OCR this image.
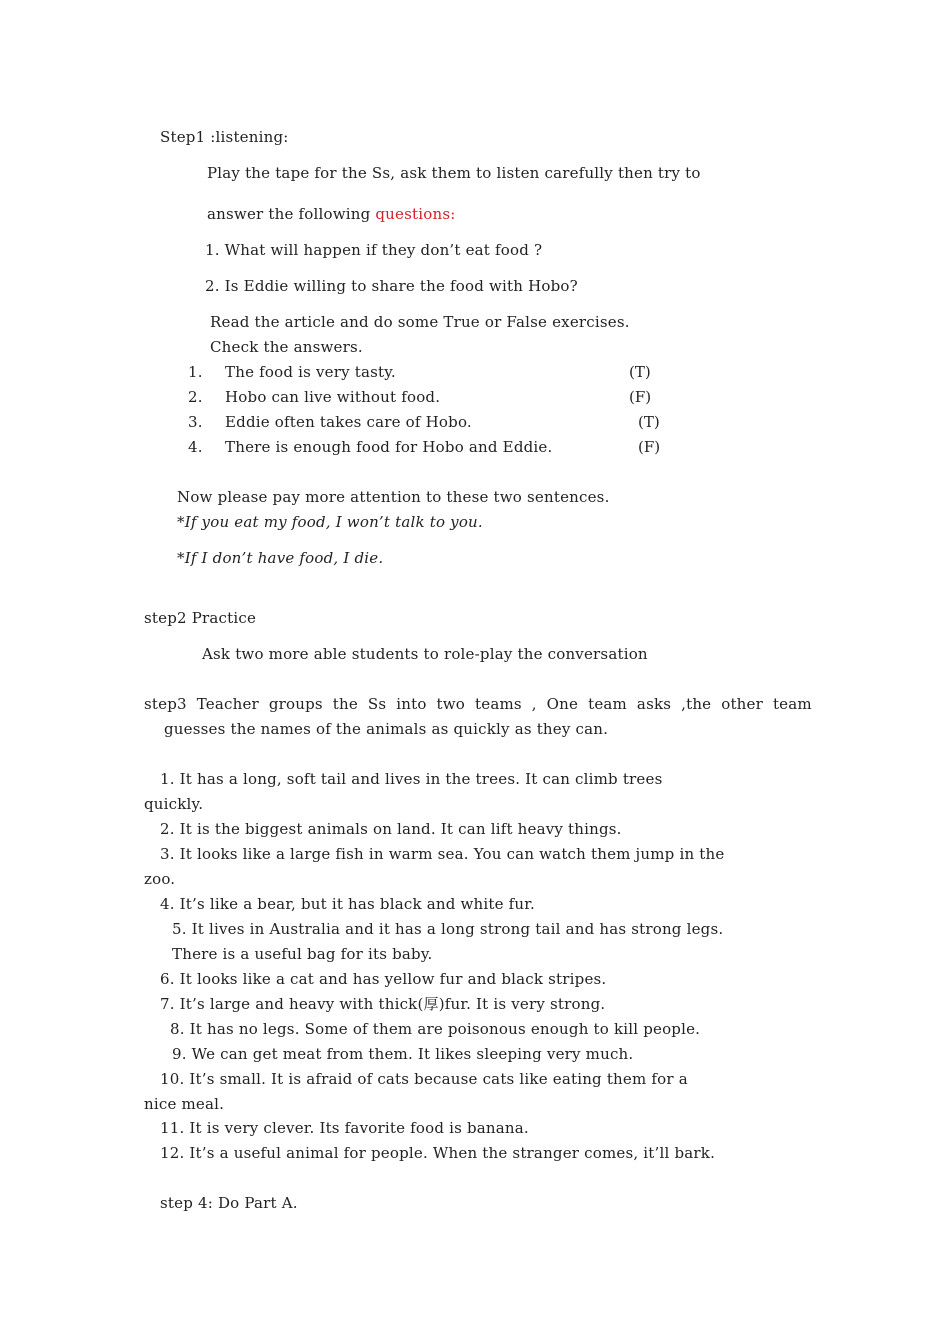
Step1 :listening:
Play the tape for the Ss, ask them to listen carefully then try to
answer the following questions:
1. What will happen if they don’t eat food ?
2. Is Eddie willing to share the food with Hobo?
Read the article and do some True or False exercises.
Check the answers.
1. The food is very tasty.	(T)
2. Hobo can live without food.	(F)
3. Eddie often takes care of Hobo.	(T)
4. There is enough food for Hobo and Eddie.	(F)
Now please pay more attention to these two sentences.
*If you eat my food, I won’t talk to you.
*If I don’t have food, I die.
step2 Practice
Ask two more able students to role-play the conversation
step3 Teacher groups the Ss into two teams , One team asks ,the other team
guesses the names of the animals as quickly as they can.
1. It has a long, soft tail and lives in the trees. It can climb trees
quickly.
2. It is the biggest animals on land. It can lift heavy things.
3. It looks like a large fish in warm sea. You can watch them jump in the
zoo.
4. It’s like a bear, but it has black and white fur.
5. It lives in Australia and it has a long strong tail and has strong legs.
There is a useful bag for its baby.
6. It looks like a cat and has yellow fur and black stripes.
7. It’s large and heavy with thick(厚)fur. It is very strong.
8. It has no legs. Some of them are poisonous enough to kill people.
9. We can get meat from them. It likes sleeping very much.
10. It’s small. It is afraid of cats because cats like eating them for a
nice meal.
11. It is very clever. Its favorite food is banana.
12. It’s a useful animal for people. When the stranger comes, it’ll bark.
step 4: Do Part A.
